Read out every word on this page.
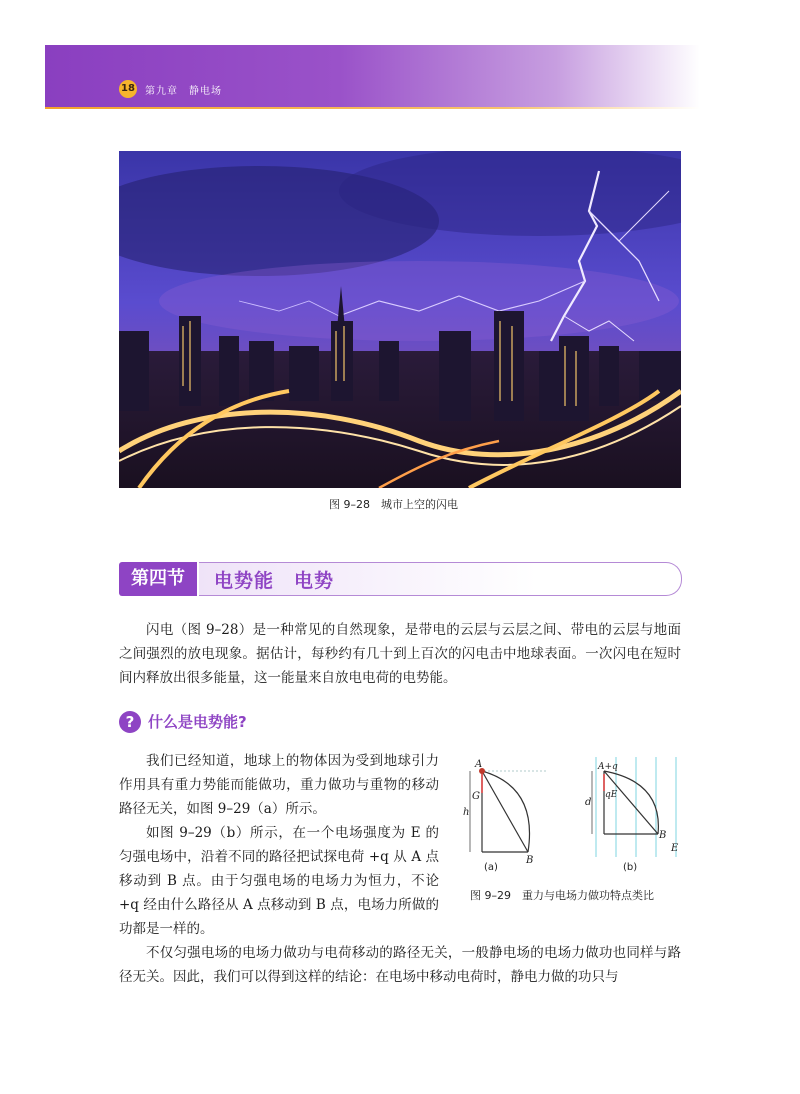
18 第九章　静电场
图 9–28　城市上空的闪电
第四节	电势能　电势
闪电（图 9–28）是一种常见的自然现象，是带电的云层与云层之间、带电的云层与地面之间强烈的放电现象。据估计，每秒约有几十到上百次的闪电击中地球表面。一次闪电在短时间内释放出很多能量，这一能量来自放电电荷的电势能。
? 什么是电势能?
我们已经知道，地球上的物体因为受到地球引力作用具有重力势能而能做功，重力做功与重物的移动路径无关，如图 9–29（a）所示。
如图 9–29（b）所示，在一个电场强度为 E 的匀强电场中，沿着不同的路径把试探电荷 +q 从 A 点移动到 B 点。由于匀强电场的电场力为恒力，不论 +q 经由什么路径从 A 点移动到 B 点，电场力所做的功都是一样的。
A
G
h
B
A+q
qE
d
B
E
(a)	(b)
图 9–29　重力与电场力做功特点类比
不仅匀强电场的电场力做功与电荷移动的路径无关，一般静电场的电场力做功也同样与路径无关。因此，我们可以得到这样的结论：在电场中移动电荷时，静电力做的功只与
